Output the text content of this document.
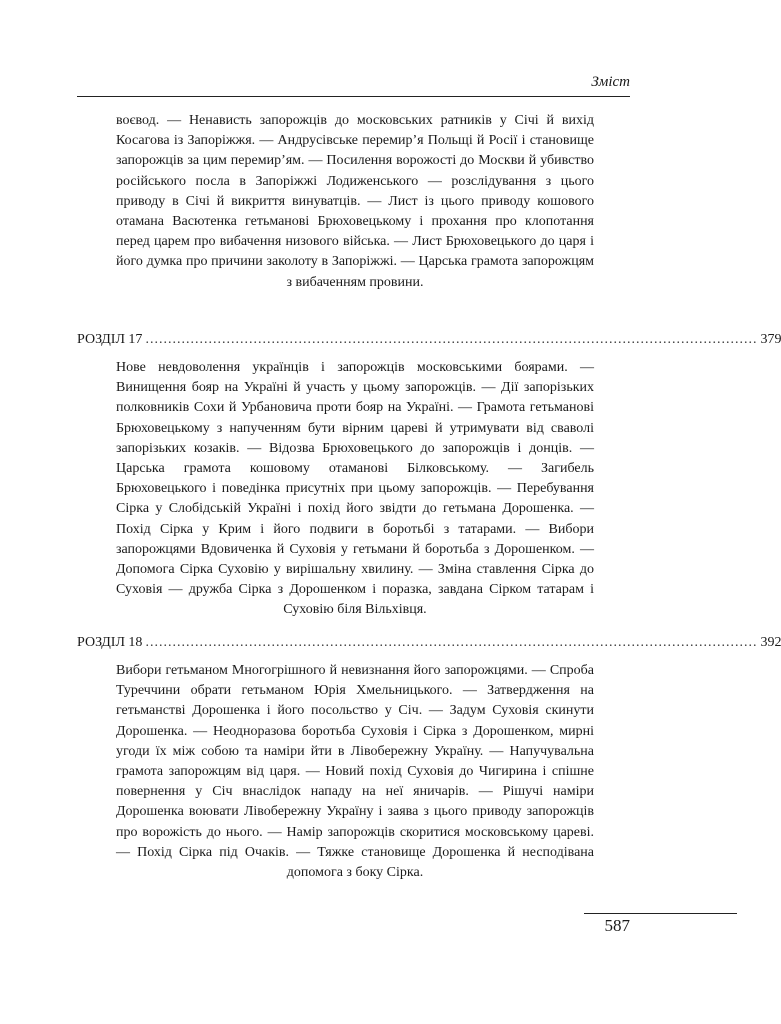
Зміст
воєвод. — Ненависть запорожців до московських ратників у Січі й вихід Косагова із Запоріжжя. — Андрусівське перемир’я Польщі й Росії і становище запорожців за цим перемир’ям. — Посилення ворожості до Москви й убивство російського посла в Запоріжжі Лодиженського — розслідування з цього приводу в Січі й викриття винуватців. — Лист із цього приводу кошового отамана Васютенка гетьманові Брюховецькому і прохання про клопотання перед царем про вибачення низового війська. — Лист Брюховецького до царя і його думка про причини заколоту в Запоріжжі. — Царська грамота запорожцям з вибаченням провини.
РОЗДІЛ 17 ........................................................................................................................................ 379
Нове невдоволення українців і запорожців московськими боярами. — Винищення бояр на Україні й участь у цьому запорожців. — Дії запорізьких полковників Сохи й Урбановича проти бояр на Україні. — Грамота гетьманові Брюховецькому з напученням бути вірним цареві й утримувати від сваволі запорізьких козаків. — Відозва Брюховецького до запорожців і донців. — Царська грамота кошовому отаманові Білковському. — Загибель Брюховецького і поведінка присутніх при цьому запорожців. — Перебування Сірка у Слобідській Україні і похід його звідти до гетьмана Дорошенка. — Похід Сірка у Крим і його подвиги в боротьбі з татарами. — Вибори запорожцями Вдовиченка й Суховія у гетьмани й боротьба з Дорошенком. — Допомога Сірка Суховію у вирішальну хвилину. — Зміна ставлення Сірка до Суховія — дружба Сірка з Дорошенком і поразка, завдана Сірком татарам і Суховію біля Вільхівця.
РОЗДІЛ 18 ........................................................................................................................................ 392
Вибори гетьманом Многогрішного й невизнання його запорожцями. — Спроба Туреччини обрати гетьманом Юрія Хмельницького. — Затвердження на гетьманстві Дорошенка і його посольство у Січ. — Задум Суховія скинути Дорошенка. — Неодноразова боротьба Суховія і Сірка з Дорошенком, мирні угоди їх між собою та наміри йти в Лівобережну Україну. — Напучувальна грамота запорожцям від царя. — Новий похід Суховія до Чигирина і спішне повернення у Січ внаслідок нападу на неї яничарів. — Рішучі наміри Дорошенка воювати Лівобережну Україну і заява з цього приводу запорожців про ворожість до нього. — Намір запорожців скоритися московському цареві. — Похід Сірка під Очаків. — Тяжке становище Дорошенка й несподівана допомога з боку Сірка.
587
